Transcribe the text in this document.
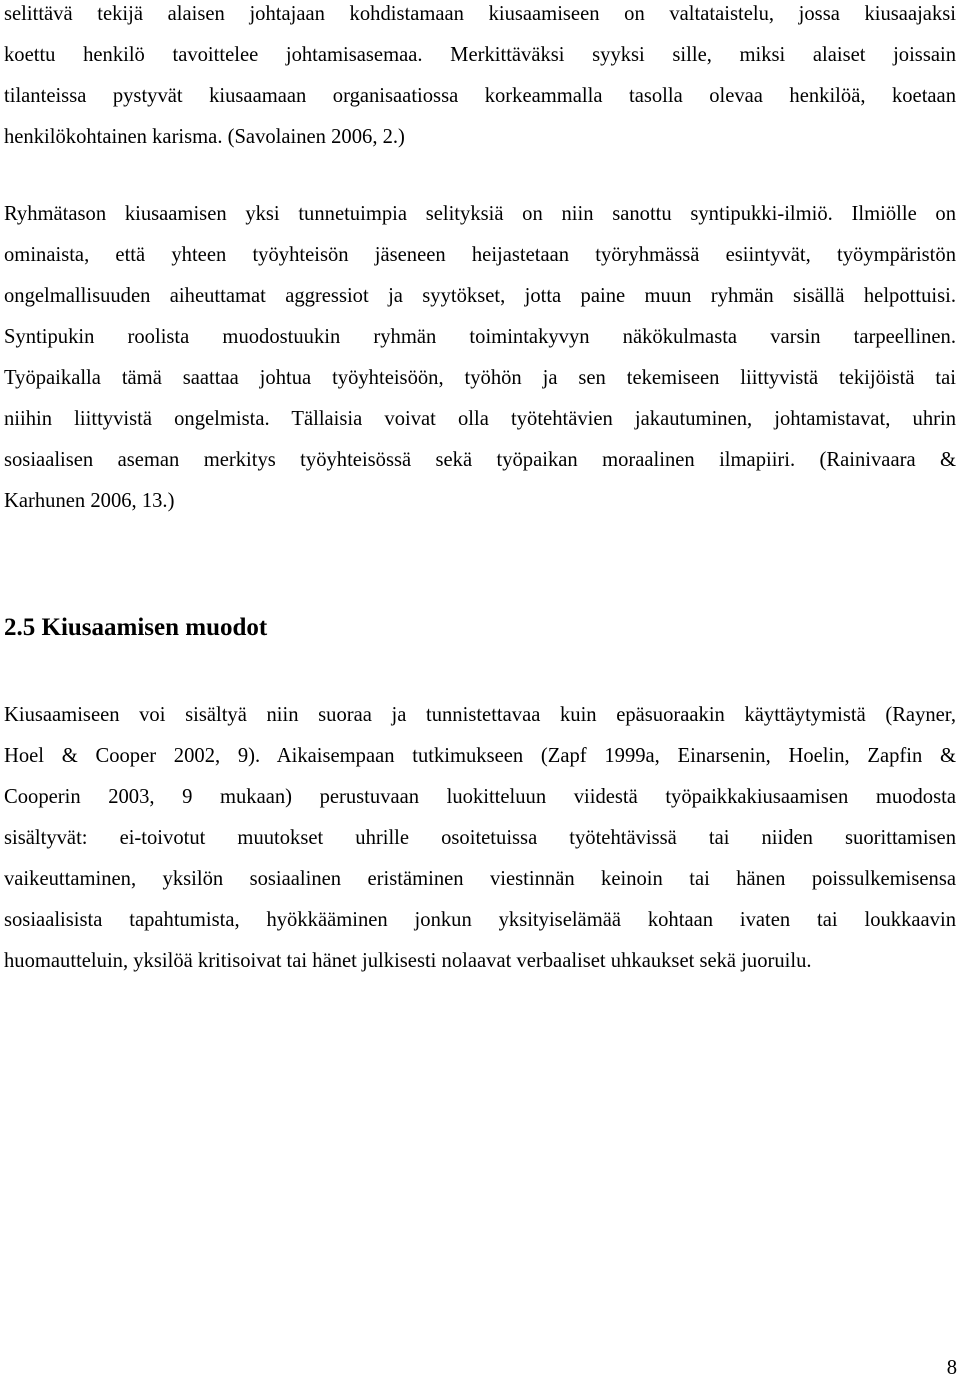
selittävä tekijä alaisen johtajaan kohdistamaan kiusaamiseen on valtataistelu, jossa kiusaajaksi
koettu henkilö tavoittelee johtamisasemaa. Merkittäväksi syyksi sille, miksi alaiset joissain
tilanteissa pystyvät kiusaamaan organisaatiossa korkeammalla tasolla olevaa henkilöä, koetaan
henkilökohtainen karisma. (Savolainen 2006, 2.)
Ryhmätason kiusaamisen yksi tunnetuimpia selityksiä on niin sanottu syntipukki-ilmiö. Ilmiölle on
ominaista, että yhteen työyhteisön jäseneen heijastetaan työryhmässä esiintyvät, työympäristön
ongelmallisuuden aiheuttamat aggressiot ja syytökset, jotta paine muun ryhmän sisällä helpottuisi.
Syntipukin roolista muodostuukin ryhmän toimintakyvyn näkökulmasta varsin tarpeellinen.
Työpaikalla tämä saattaa johtua työyhteisöön, työhön ja sen tekemiseen liittyvistä tekijöistä tai
niihin liittyvistä ongelmista. Tällaisia voivat olla työtehtävien jakautuminen, johtamistavat, uhrin
sosiaalisen aseman merkitys työyhteisössä sekä työpaikan moraalinen ilmapiiri. (Rainivaara &
Karhunen 2006, 13.)
2.5 Kiusaamisen muodot
Kiusaamiseen voi sisältyä niin suoraa ja tunnistettavaa kuin epäsuoraakin käyttäytymistä (Rayner,
Hoel & Cooper 2002, 9). Aikaisempaan tutkimukseen (Zapf 1999a, Einarsenin, Hoelin, Zapfin &
Cooperin 2003, 9 mukaan) perustuvaan luokitteluun viidestä työpaikkakiusaamisen muodosta
sisältyvät: ei-toivotut muutokset uhrille osoitetuissa työtehtävissä tai niiden suorittamisen
vaikeuttaminen, yksilön sosiaalinen eristäminen viestinnän keinoin tai hänen poissulkemisensa
sosiaalisista tapahtumista, hyökkääminen jonkun yksityiselämää kohtaan ivaten tai loukkaavin
huomautteluin, yksilöä kritisoivat tai hänet julkisesti nolaavat verbaaliset uhkaukset sekä juoruilu.
8
